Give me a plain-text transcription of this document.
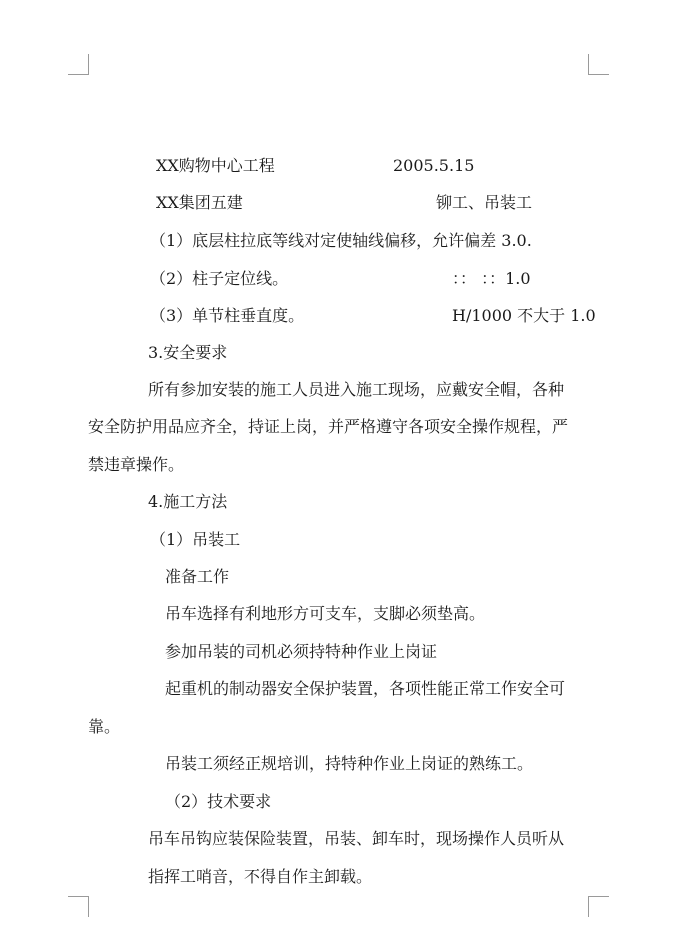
XX购物中心工程	2005.5.15
XX集团五建	铆工、吊装工
（1）底层柱拉底等线对定使轴线偏移，允许偏差 3.0.
（2）柱子定位线。	：： ：：1.0
（3）单节柱垂直度。	H/1000 不大于 1.0
3.安全要求
所有参加安装的施工人员进入施工现场，应戴安全帽，各种
安全防护用品应齐全，持证上岗，并严格遵守各项安全操作规程，严
禁违章操作。
4.施工方法
（1）吊装工
准备工作
吊车选择有利地形方可支车，支脚必须垫高。
参加吊装的司机必须持特种作业上岗证
起重机的制动器安全保护装置，各项性能正常工作安全可
靠。
吊装工须经正规培训，持特种作业上岗证的熟练工。
（2）技术要求
吊车吊钩应装保险装置，吊装、卸车时，现场操作人员听从
指挥工哨音，不得自作主卸载。
